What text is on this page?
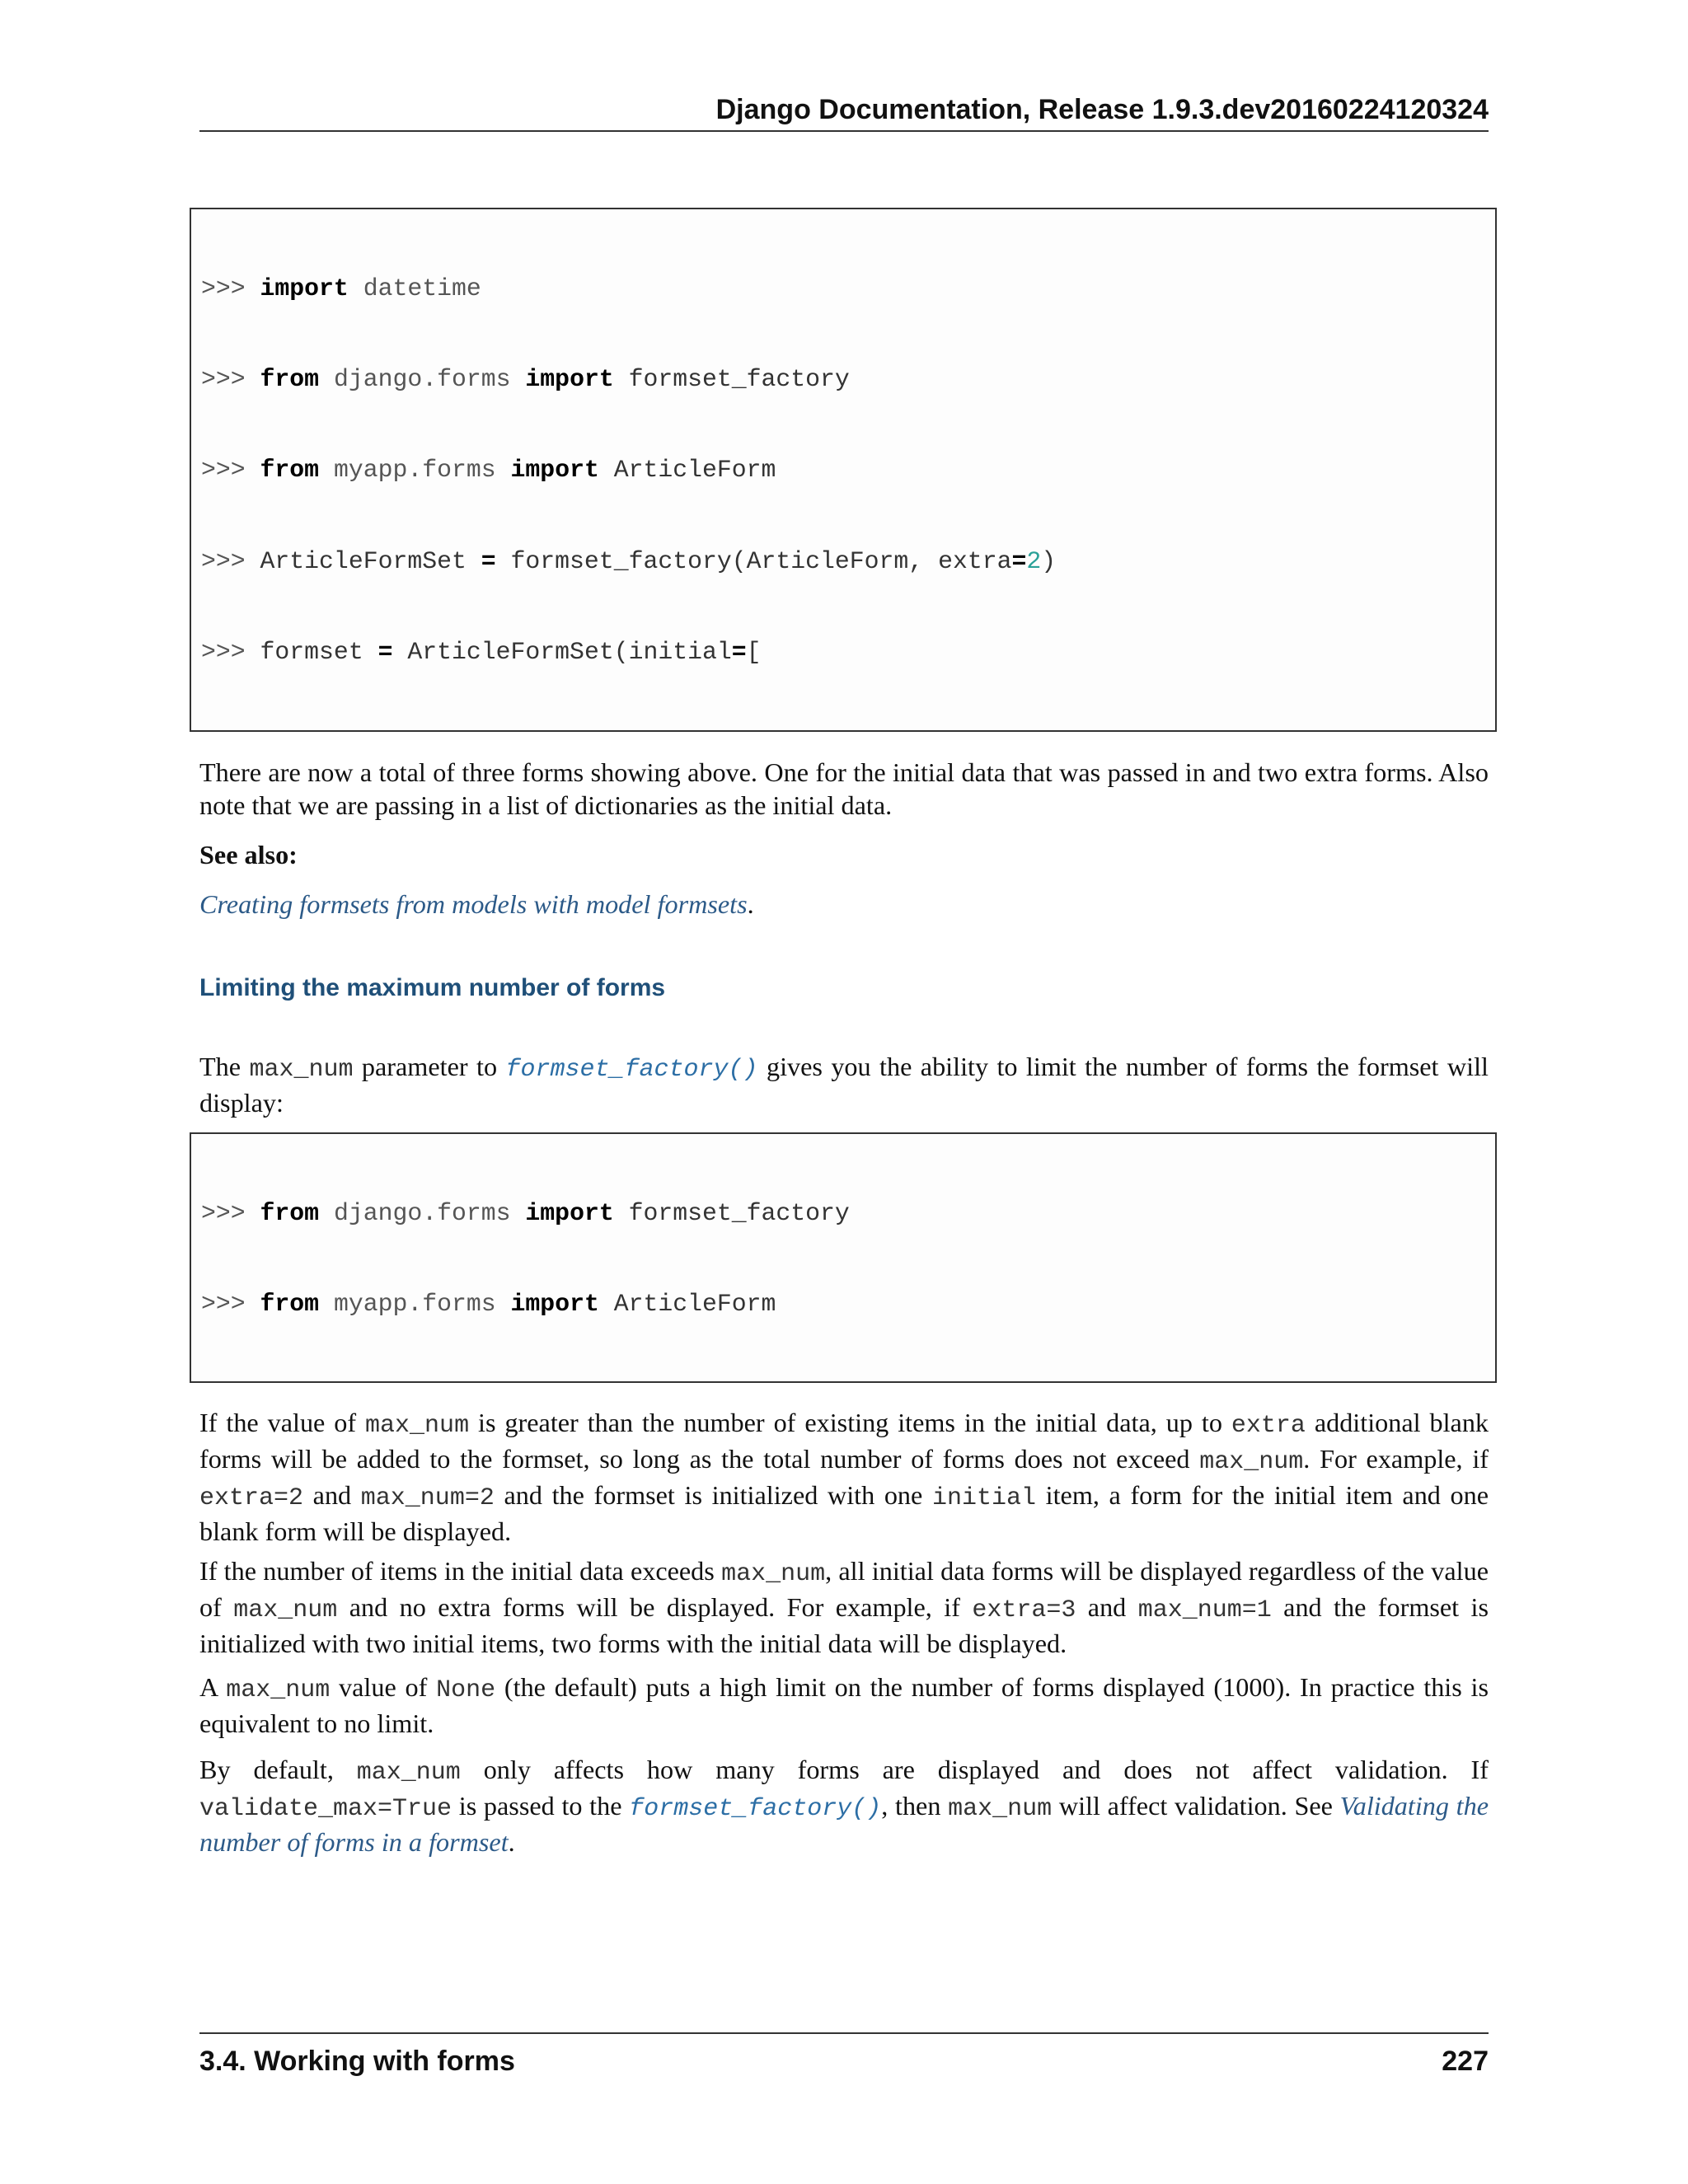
Django Documentation, Release 1.9.3.dev20160224120324

>>> import datetime

>>> from django.forms import formset_factory

>>> from myapp.forms import ArticleForm

>>> ArticleFormSet = formset_factory(ArticleForm, extra=2)

>>> formset = ArticleFormSet(initial=[

There are now a total of three forms showing above. One for the initial data that was passed in and two extra forms. Also note that we are passing in a list of dictionaries as the initial data.
See also:
Creating formsets from models with model formsets.
Limiting the maximum number of forms
The max_num parameter to formset_factory() gives you the ability to limit the number of forms the formset will display:

>>> from django.forms import formset_factory

>>> from myapp.forms import ArticleForm

If the value of max_num is greater than the number of existing items in the initial data, up to extra additional blank forms will be added to the formset, so long as the total number of forms does not exceed max_num. For example, if extra=2 and max_num=2 and the formset is initialized with one initial item, a form for the initial item and one blank form will be displayed.
If the number of items in the initial data exceeds max_num, all initial data forms will be displayed regardless of the value of max_num and no extra forms will be displayed. For example, if extra=3 and max_num=1 and the formset is initialized with two initial items, two forms with the initial data will be displayed.
A max_num value of None (the default) puts a high limit on the number of forms displayed (1000). In practice this is equivalent to no limit.
By default, max_num only affects how many forms are displayed and does not affect validation. If validate_max=True is passed to the formset_factory(), then max_num will affect validation. See Validating the number of forms in a formset.
3.4. Working with forms	227
